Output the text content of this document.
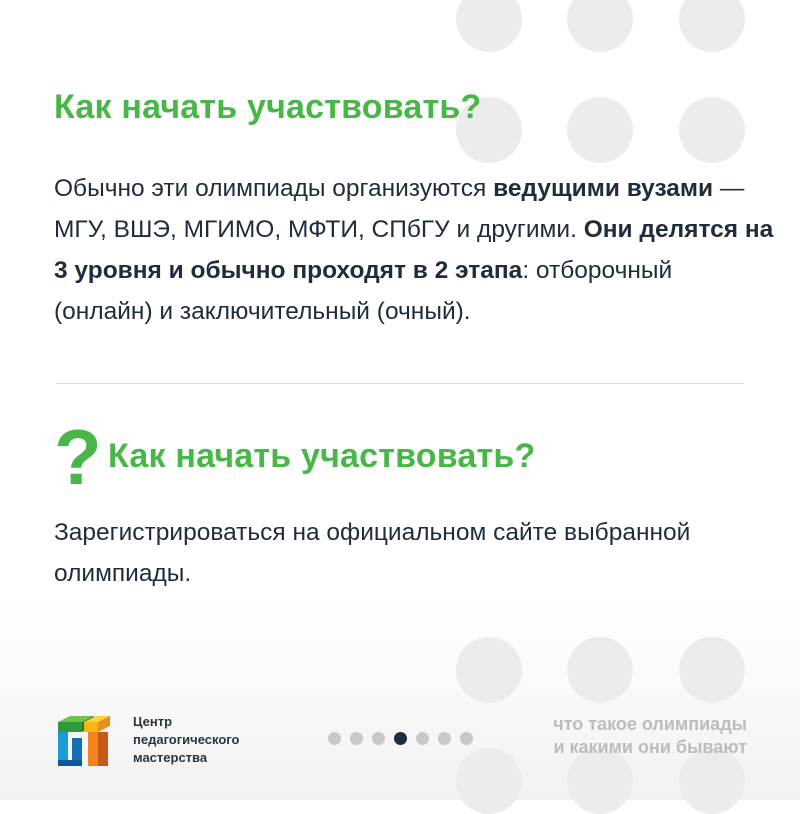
Как начать участвовать?

Обычно эти олимпиады организуются ведущими вузами — МГУ, ВШЭ, МГИМО, МФТИ, СПбГУ и другими. Они делятся на 3 уровня и обычно проходят в 2 этапа: отборочный (онлайн) и заключительный (очный).

? Как начать участвовать?

Зарегистрироваться на официальном сайте выбранной олимпиады.

Центр
педагогического
мастерства
что такое олимпиады
и какими они бывают
